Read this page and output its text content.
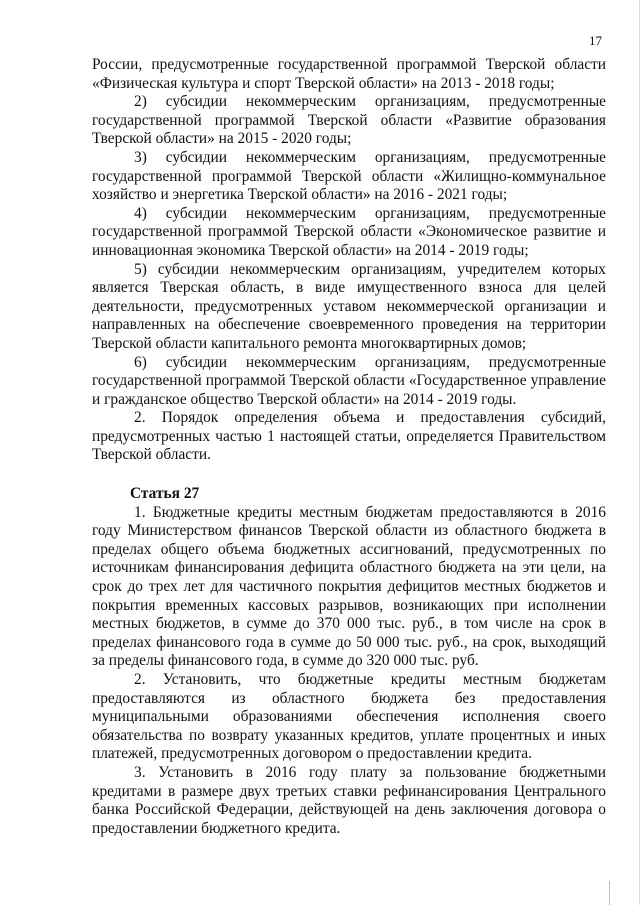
17

России, предусмотренные государственной программой Тверской области «Физическая культура и спорт Тверской области» на 2013 - 2018 годы;

2) субсидии некоммерческим организациям, предусмотренные государственной программой Тверской области «Развитие образования Тверской области» на 2015 - 2020 годы;

3) субсидии некоммерческим организациям, предусмотренные государственной программой Тверской области «Жилищно-коммунальное хозяйство и энергетика Тверской области» на 2016 - 2021 годы;

4) субсидии некоммерческим организациям, предусмотренные государственной программой Тверской области «Экономическое развитие и инновационная экономика Тверской области» на 2014 - 2019 годы;

5) субсидии некоммерческим организациям, учредителем которых является Тверская область, в виде имущественного взноса для целей деятельности, предусмотренных уставом некоммерческой организации и направленных на обеспечение своевременного проведения на территории Тверской области капитального ремонта многоквартирных домов;

6) субсидии некоммерческим организациям, предусмотренные государственной программой Тверской области «Государственное управление и гражданское общество Тверской области» на 2014 - 2019 годы.

2. Порядок определения объема и предоставления субсидий, предусмотренных частью 1 настоящей статьи, определяется Правительством Тверской области.

Статья 27

1. Бюджетные кредиты местным бюджетам предоставляются в 2016 году Министерством финансов Тверской области из областного бюджета в пределах общего объема бюджетных ассигнований, предусмотренных по источникам финансирования дефицита областного бюджета на эти цели, на срок до трех лет для частичного покрытия дефицитов местных бюджетов и покрытия временных кассовых разрывов, возникающих при исполнении местных бюджетов, в сумме до 370 000 тыс. руб., в том числе на срок в пределах финансового года в сумме до 50 000 тыс. руб., на срок, выходящий за пределы финансового года, в сумме до 320 000 тыс. руб.

2. Установить, что бюджетные кредиты местным бюджетам предоставляются из областного бюджета без предоставления муниципальными образованиями обеспечения исполнения своего обязательства по возврату указанных кредитов, уплате процентных и иных платежей, предусмотренных договором о предоставлении кредита.

3. Установить в 2016 году плату за пользование бюджетными кредитами в размере двух третьих ставки рефинансирования Центрального банка Российской Федерации, действующей на день заключения договора о предоставлении бюджетного кредита.
